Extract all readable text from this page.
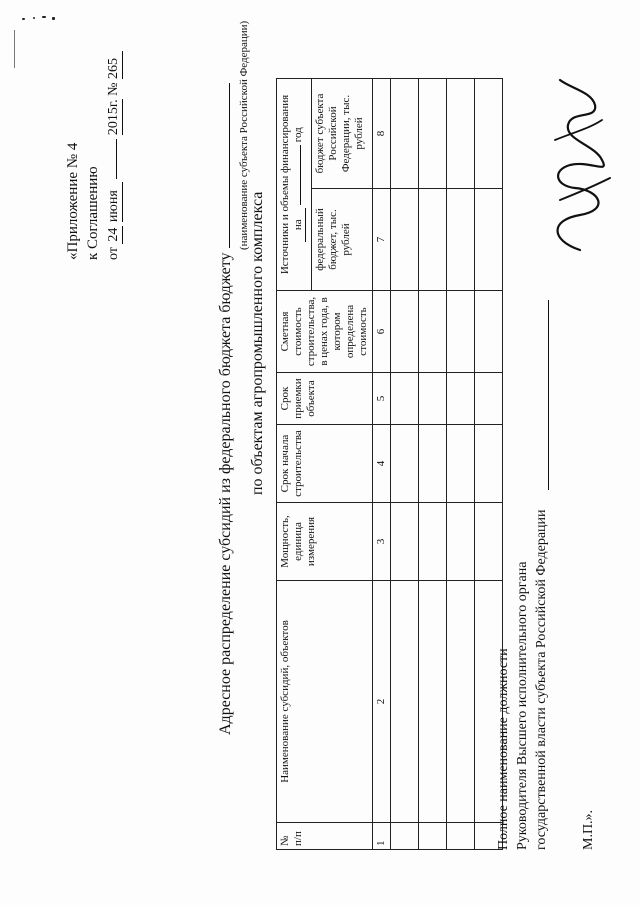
«Приложение № 4 к Соглашению от 24 июня  2015г. № 265
Адресное распределение субсидий из федерального бюджета бюджету
(наименование субъекта Российской Федерации)
по объектам агропромышленного комплекса
№ п/п	Наименование субсидий, объектов	Мощность, единица измерения	Срок начала строительства	Срок приемки объекта	Сметная стоимость строительства, в ценах года, в котором определена стоимость	Источники и объемы финансирования на  год	

						федеральный бюджет, тыс. рублей	бюджет субъекта Российской Федерации, тыс. рублей
1	2	3	4	5	6	7	8

Полное наименование должности Руководителя Высшего исполнительного органа государственной власти субъекта Российской Федерации М.П.».
